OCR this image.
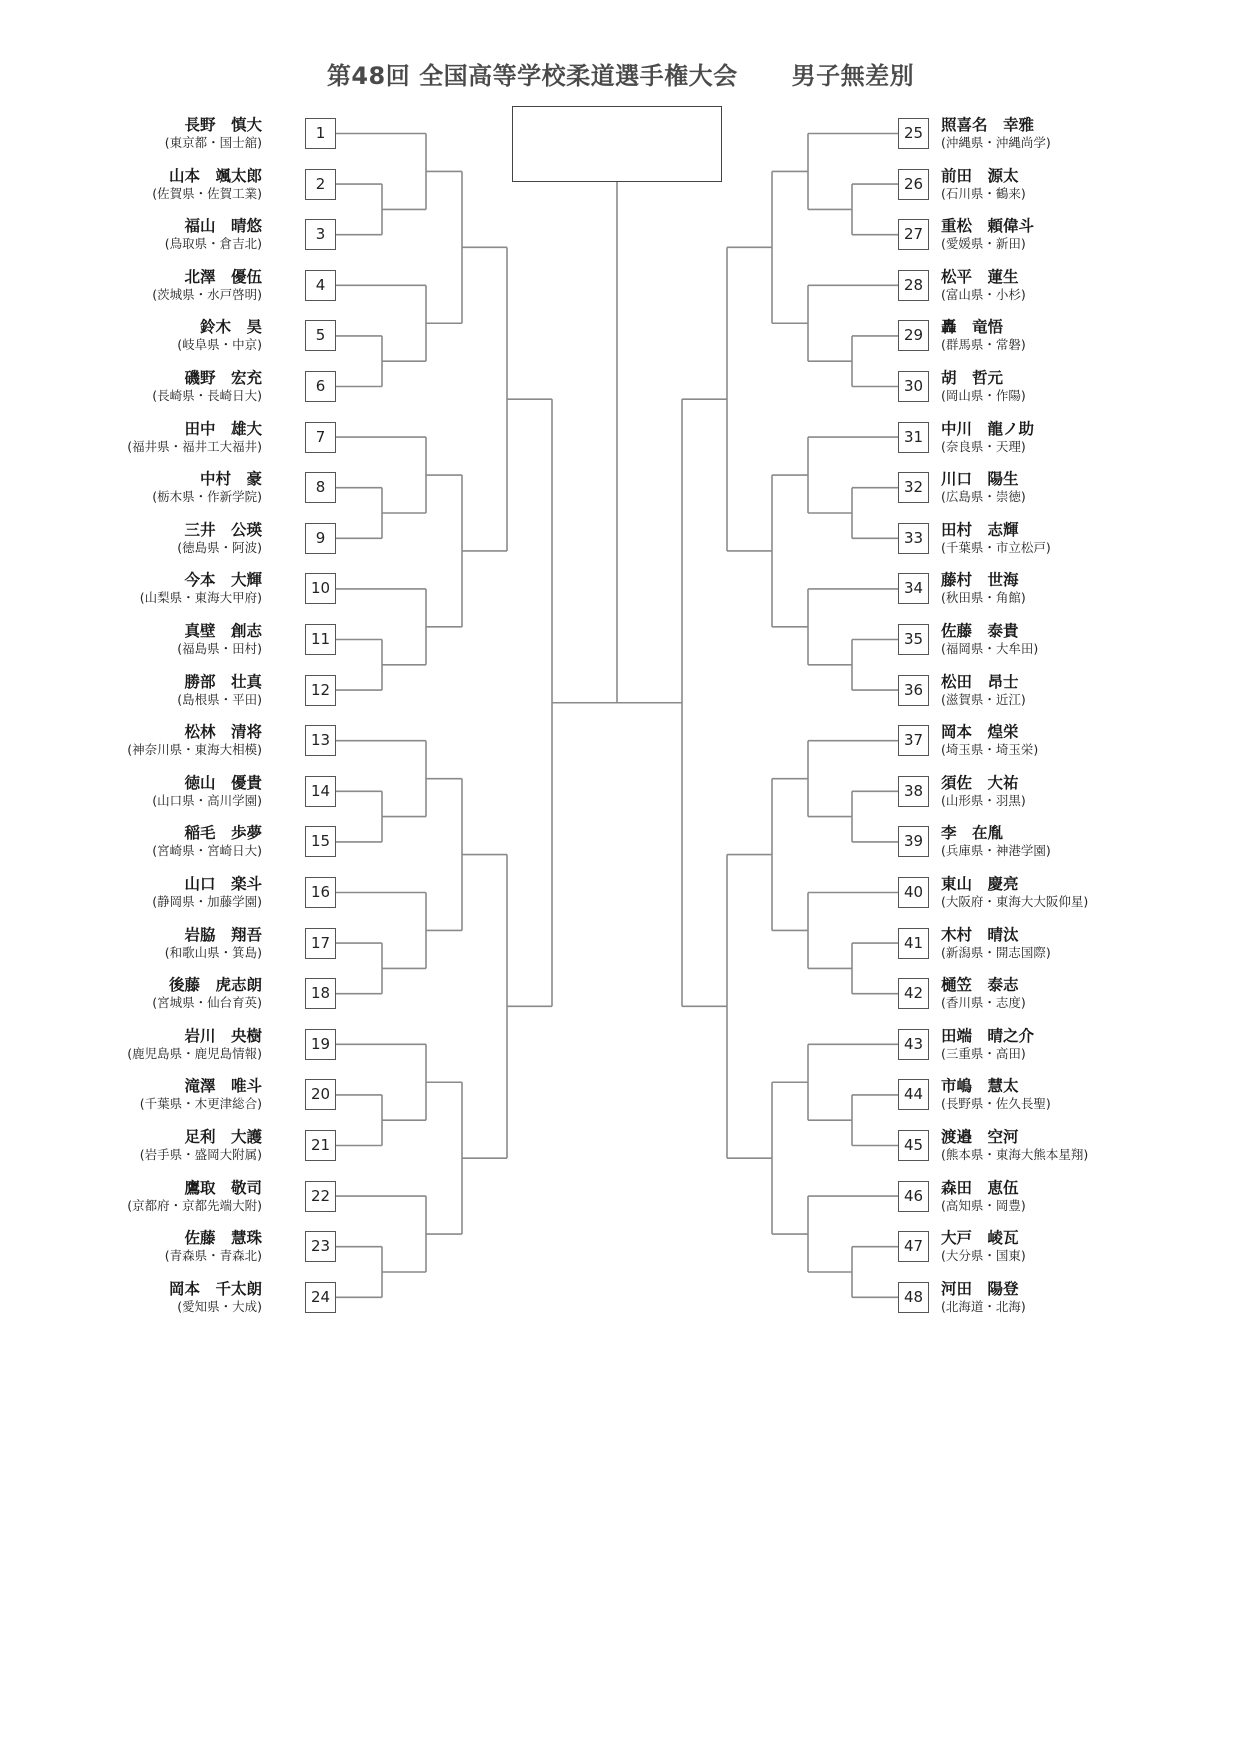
第48回 全国高等学校柔道選手権大会 男子無差別
1
長野　慎大
(東京都・国士舘)
2
山本　颯太郎
(佐賀県・佐賀工業)
3
福山　晴悠
(鳥取県・倉吉北)
4
北澤　優伍
(茨城県・水戸啓明)
5
鈴木　昊
(岐阜県・中京)
6
磯野　宏充
(長崎県・長崎日大)
7
田中　雄大
(福井県・福井工大福井)
8
中村　豪
(栃木県・作新学院)
9
三井　公瑛
(徳島県・阿波)
10
今本　大輝
(山梨県・東海大甲府)
11
真壁　創志
(福島県・田村)
12
勝部　壮真
(島根県・平田)
13
松林　清将
(神奈川県・東海大相模)
14
徳山　優貴
(山口県・高川学園)
15
稲毛　歩夢
(宮崎県・宮崎日大)
16
山口　楽斗
(静岡県・加藤学園)
17
岩脇　翔吾
(和歌山県・箕島)
18
後藤　虎志朗
(宮城県・仙台育英)
19
岩川　央樹
(鹿児島県・鹿児島情報)
20
滝澤　唯斗
(千葉県・木更津総合)
21
足利　大護
(岩手県・盛岡大附属)
22
鷹取　敬司
(京都府・京都先端大附)
23
佐藤　慧珠
(青森県・青森北)
24
岡本　千太朗
(愛知県・大成)
25	照喜名　幸雅
(沖縄県・沖縄尚学)
26	前田　源太
(石川県・鶴来)
27	重松　頼偉斗
(愛媛県・新田)
28	松平　蓮生
(富山県・小杉)
29	轟　竜悟
(群馬県・常磐)
30	胡　哲元
(岡山県・作陽)
31	中川　龍ノ助
(奈良県・天理)
32	川口　陽生
(広島県・崇徳)
33	田村　志輝
(千葉県・市立松戸)
34	藤村　世海
(秋田県・角館)
35	佐藤　泰貴
(福岡県・大牟田)
36	松田　昂士
(滋賀県・近江)
37	岡本　煌栄
(埼玉県・埼玉栄)
38	須佐　大祐
(山形県・羽黒)
39	李　在胤
(兵庫県・神港学園)
40	東山　慶亮
(大阪府・東海大大阪仰星)
41	木村　晴汰
(新潟県・開志国際)
42	樋笠　泰志
(香川県・志度)
43	田端　晴之介
(三重県・高田)
44	市嶋　慧太
(長野県・佐久長聖)
45	渡邉　空河
(熊本県・東海大熊本星翔)
46	森田　恵伍
(高知県・岡豊)
47	大戸　崚瓦
(大分県・国東)
48	河田　陽登
(北海道・北海)
